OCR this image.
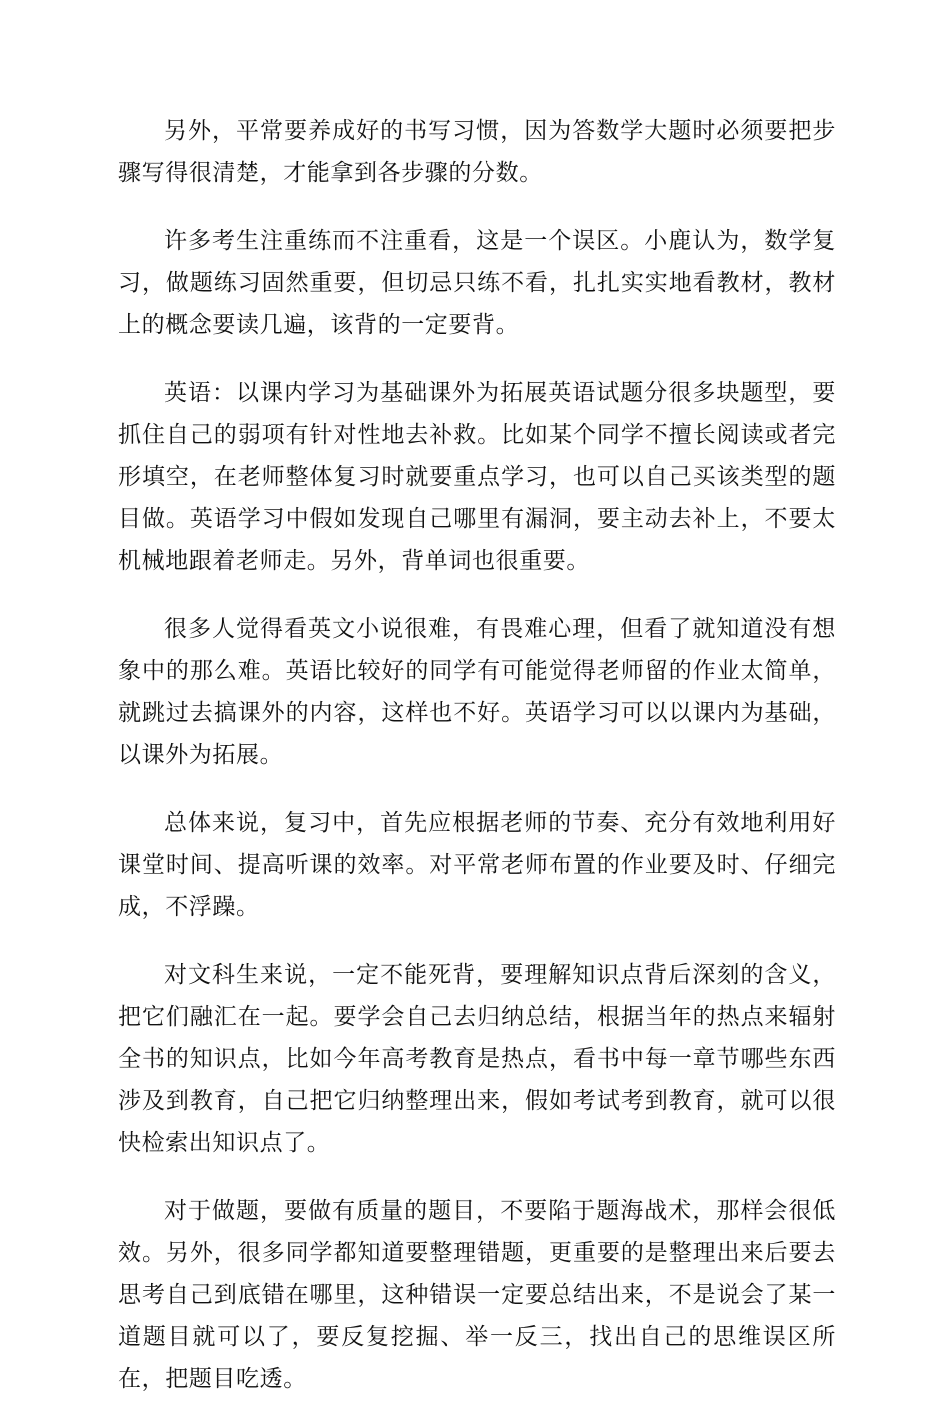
另外，平常要养成好的书写习惯，因为答数学大题时必须要把步骤写得很清楚，才能拿到各步骤的分数。

许多考生注重练而不注重看，这是一个误区。小鹿认为，数学复习，做题练习固然重要，但切忌只练不看，扎扎实实地看教材，教材上的概念要读几遍，该背的一定要背。

英语：以课内学习为基础课外为拓展英语试题分很多块题型，要抓住自己的弱项有针对性地去补救。比如某个同学不擅长阅读或者完形填空，在老师整体复习时就要重点学习，也可以自己买该类型的题目做。英语学习中假如发现自己哪里有漏洞，要主动去补上，不要太机械地跟着老师走。另外，背单词也很重要。

很多人觉得看英文小说很难，有畏难心理，但看了就知道没有想象中的那么难。英语比较好的同学有可能觉得老师留的作业太简单，就跳过去搞课外的内容，这样也不好。英语学习可以以课内为基础，以课外为拓展。

总体来说，复习中，首先应根据老师的节奏、充分有效地利用好课堂时间、提高听课的效率。对平常老师布置的作业要及时、仔细完成，不浮躁。

对文科生来说，一定不能死背，要理解知识点背后深刻的含义，把它们融汇在一起。要学会自己去归纳总结，根据当年的热点来辐射全书的知识点，比如今年高考教育是热点，看书中每一章节哪些东西涉及到教育，自己把它归纳整理出来，假如考试考到教育，就可以很快检索出知识点了。

对于做题，要做有质量的题目，不要陷于题海战术，那样会很低效。另外，很多同学都知道要整理错题，更重要的是整理出来后要去思考自己到底错在哪里，这种错误一定要总结出来，不是说会了某一道题目就可以了，要反复挖掘、举一反三，找出自己的思维误区所在，把题目吃透。
